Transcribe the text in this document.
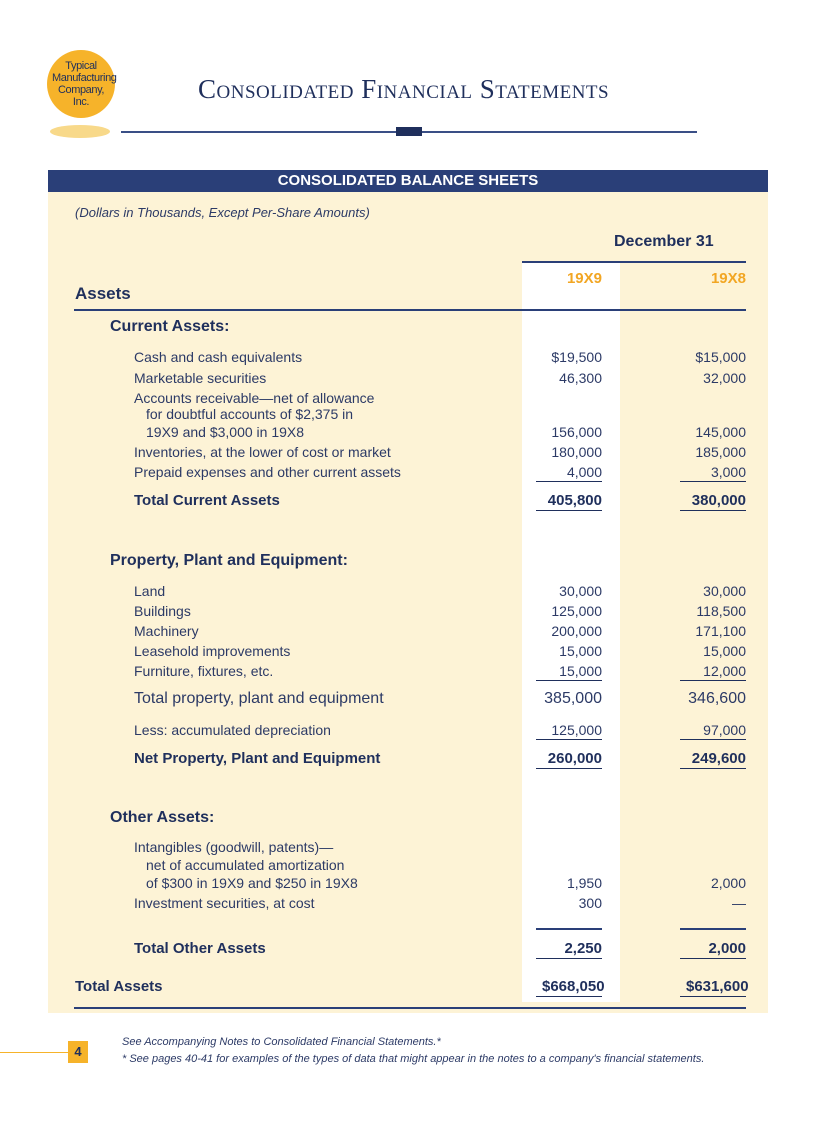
Typical Manufacturing Company, Inc.	Consolidated Financial Statements
CONSOLIDATED BALANCE SHEETS
(Dollars in Thousands, Except Per-Share Amounts)
December 31
19X9	19X8
Assets
Current Assets:
Cash and cash equivalents	$19,500	$15,000
Marketable securities	46,300	32,000
Accounts receivable—net of allowance
for doubtful accounts of $2,375 in
19X9 and $3,000 in 19X8	156,000	145,000
Inventories, at the lower of cost or market	180,000	185,000
Prepaid expenses and other current assets	4,000	3,000
Total Current Assets	405,800	380,000
Property, Plant and Equipment:
Land	30,000	30,000
Buildings	125,000	118,500
Machinery	200,000	171,100
Leasehold improvements	15,000	15,000
Furniture, fixtures, etc.	15,000	12,000
Total property, plant and equipment	385,000	346,600
Less: accumulated depreciation	125,000	97,000
Net Property, Plant and Equipment	260,000	249,600
Other Assets:
Intangibles (goodwill, patents)—
net of accumulated amortization
of $300 in 19X9 and $250 in 19X8	1,950	2,000
Investment securities, at cost	300	—
Total Other Assets	2,250	2,000
Total Assets	$668,050	$631,600
4
See Accompanying Notes to Consolidated Financial Statements.*
* See pages 40-41 for examples of the types of data that might appear in the notes to a company's financial statements.
